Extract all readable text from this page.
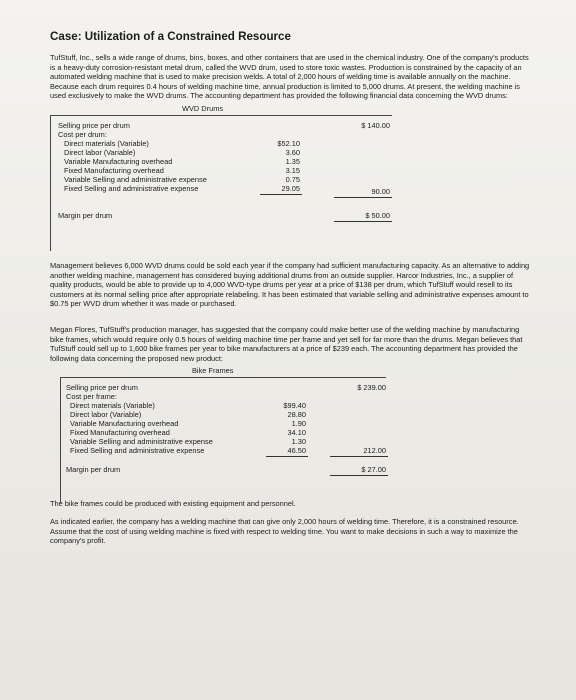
Case: Utilization of a Constrained Resource

TufStuff, Inc., sells a wide range of drums, bins, boxes, and other containers that are used in the chemical industry. One of the company's products is a heavy-duty corrosion-resistant metal drum, called the WVD drum, used to store toxic wastes. Production is constrained by the capacity of an automated welding machine that is used to make precision welds. A total of 2,000 hours of welding time is available annually on the machine. Because each drum requires 0.4 hours of welding machine time, annual production is limited to 5,000 drums. At present, the welding machine is used exclusively to make the WVD drums. The accounting department has provided the following financial data concerning the WVD drums:

WVD Drums
Selling price per drum	$ 140.00
Cost per drum:
Direct materials (Variable)	$52.10
Direct labor (Variable)	3.60
Variable Manufacturing overhead	1.35
Fixed Manufacturing overhead	3.15
Variable Selling and administrative expense	0.75
Fixed Selling and administrative expense	29.05	90.00
Margin per drum	$ 50.00

Management believes 6,000 WVD drums could be sold each year if the company had sufficient manufacturing capacity. As an alternative to adding another welding machine, management has considered buying additional drums from an outside supplier. Harcor Industries, Inc., a supplier of quality products, would be able to provide up to 4,000 WVD-type drums per year at a price of $138 per drum, which TufStuff would resell to its customers at its normal selling price after appropriate relabeling. It has been estimated that variable selling and administrative expenses amount to $0.75 per WVD drum whether it was made or purchased.

Megan Flores, TufStuff's production manager, has suggested that the company could make better use of the welding machine by manufacturing bike frames, which would require only 0.5 hours of welding machine time per frame and yet sell for far more than the drums. Megan believes that TufStuff could sell up to 1,600 bike frames per year to bike manufacturers at a price of $239 each. The accounting department has provided the following data concerning the proposed new product:

Bike Frames
Selling price per drum	$ 239.00
Cost per frame:
Direct materials (Variable)	$99.40
Direct labor (Variable)	28.80
Variable Manufacturing overhead	1.90
Fixed Manufacturing overhead	34.10
Variable Selling and administrative expense	1.30
Fixed Selling and administrative expense	46.50	212.00
Margin per drum	$ 27.00

The bike frames could be produced with existing equipment and personnel.

As indicated earlier, the company has a welding machine that can give only 2,000 hours of welding time. Therefore, it is a constrained resource. Assume that the cost of using welding machine is fixed with respect to welding time. You want to make decisions in such a way to maximize the company's profit.
